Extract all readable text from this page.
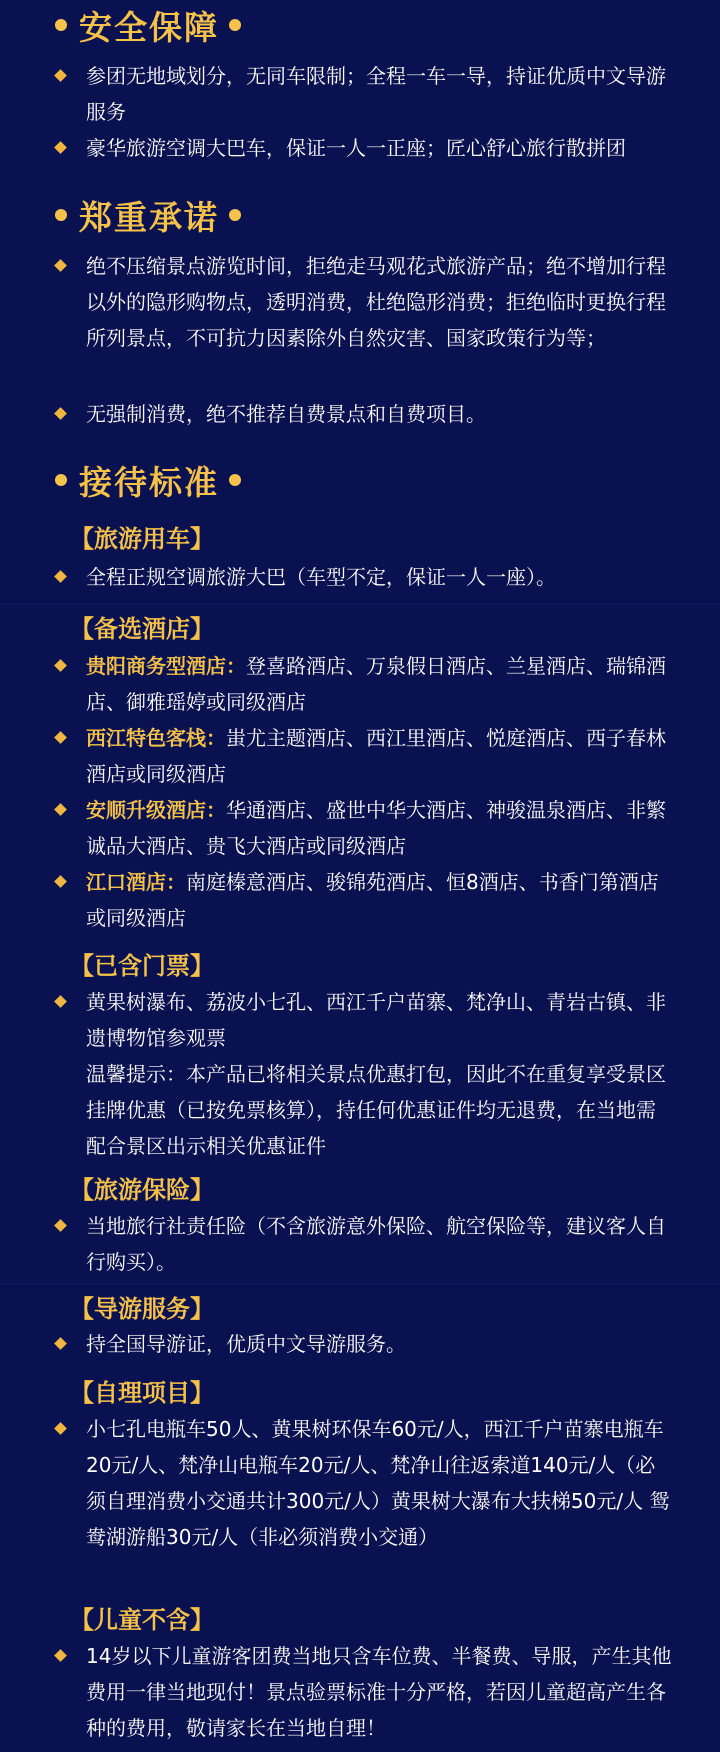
安全保障
参团无地域划分，无同车限制；全程一车一导，持证优质中文导游服务
豪华旅游空调大巴车，保证一人一正座；匠心舒心旅行散拼团
郑重承诺
绝不压缩景点游览时间，拒绝走马观花式旅游产品；绝不增加行程以外的隐形购物点，透明消费，杜绝隐形消费；拒绝临时更换行程所列景点，不可抗力因素除外自然灾害、国家政策行为等；
无强制消费，绝不推荐自费景点和自费项目。
接待标准
【旅游用车】
全程正规空调旅游大巴（车型不定，保证一人一座）。
【备选酒店】
贵阳商务型酒店：登喜路酒店、万泉假日酒店、兰星酒店、瑞锦酒店、御雅瑶婷或同级酒店
西江特色客栈：蚩尤主题酒店、西江里酒店、悦庭酒店、西子春林酒店或同级酒店
安顺升级酒店：华通酒店、盛世中华大酒店、神骏温泉酒店、非繁诚品大酒店、贵飞大酒店或同级酒店
江口酒店：南庭榛意酒店、骏锦苑酒店、恒8酒店、书香门第酒店或同级酒店
【已含门票】
黄果树瀑布、荔波小七孔、西江千户苗寨、梵净山、青岩古镇、非遗博物馆参观票
温馨提示：本产品已将相关景点优惠打包，因此不在重复享受景区挂牌优惠（已按免票核算），持任何优惠证件均无退费，在当地需配合景区出示相关优惠证件
【旅游保险】
当地旅行社责任险（不含旅游意外保险、航空保险等，建议客人自行购买）。
【导游服务】
持全国导游证，优质中文导游服务。
【自理项目】
小七孔电瓶车50人、黄果树环保车60元/人，西江千户苗寨电瓶车20元/人、梵净山电瓶车20元/人、梵净山往返索道140元/人（必须自理消费小交通共计300元/人）黄果树大瀑布大扶梯50元/人 鸳鸯湖游船30元/人（非必须消费小交通）
【儿童不含】
14岁以下儿童游客团费当地只含车位费、半餐费、导服，产生其他费用一律当地现付！景点验票标准十分严格，若因儿童超高产生各种的费用，敬请家长在当地自理！
